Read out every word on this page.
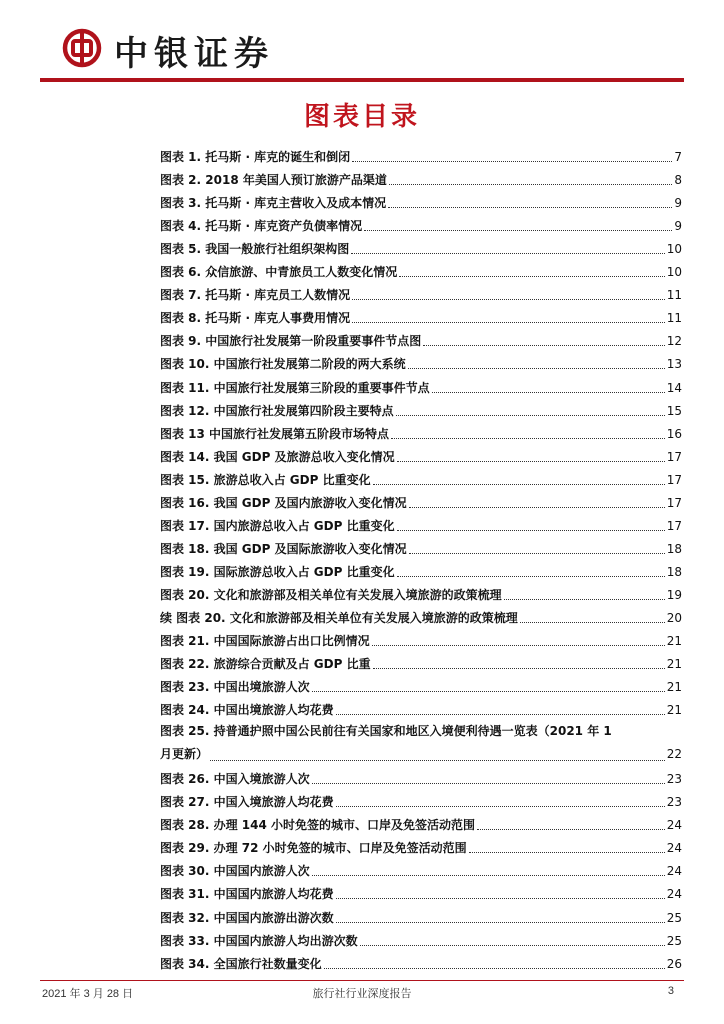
中银证券
图表目录
图表 1. 托马斯 · 库克的诞生和倒闭	7
图表 2. 2018 年美国人预订旅游产品渠道	8
图表 3. 托马斯 · 库克主营收入及成本情况	9
图表 4. 托马斯 · 库克资产负债率情况	9
图表 5. 我国一般旅行社组织架构图	10
图表 6. 众信旅游、中青旅员工人数变化情况	10
图表 7. 托马斯 · 库克员工人数情况	11
图表 8. 托马斯 · 库克人事费用情况	11
图表 9. 中国旅行社发展第一阶段重要事件节点图	12
图表 10. 中国旅行社发展第二阶段的两大系统	13
图表 11. 中国旅行社发展第三阶段的重要事件节点	14
图表 12. 中国旅行社发展第四阶段主要特点	15
图表 13 中国旅行社发展第五阶段市场特点	16
图表 14. 我国 GDP 及旅游总收入变化情况	17
图表 15. 旅游总收入占 GDP 比重变化	17
图表 16. 我国 GDP 及国内旅游收入变化情况	17
图表 17. 国内旅游总收入占 GDP 比重变化	17
图表 18. 我国 GDP 及国际旅游收入变化情况	18
图表 19. 国际旅游总收入占 GDP 比重变化	18
图表 20. 文化和旅游部及相关单位有关发展入境旅游的政策梳理	19
续 图表 20. 文化和旅游部及相关单位有关发展入境旅游的政策梳理	20
图表 21. 中国国际旅游占出口比例情况	21
图表 22. 旅游综合贡献及占 GDP 比重	21
图表 23. 中国出境旅游人次	21
图表 24. 中国出境旅游人均花费	21
图表 25. 持普通护照中国公民前往有关国家和地区入境便利待遇一览表（2021 年 1
月更新）	22
图表 26. 中国入境旅游人次	23
图表 27. 中国入境旅游人均花费	23
图表 28. 办理 144 小时免签的城市、口岸及免签活动范围	24
图表 29. 办理 72 小时免签的城市、口岸及免签活动范围	24
图表 30. 中国国内旅游人次	24
图表 31. 中国国内旅游人均花费	24
图表 32. 中国国内旅游出游次数	25
图表 33. 中国国内旅游人均出游次数	25
图表 34. 全国旅行社数量变化	26
2021 年 3 月 28 日	旅行社行业深度报告	3
